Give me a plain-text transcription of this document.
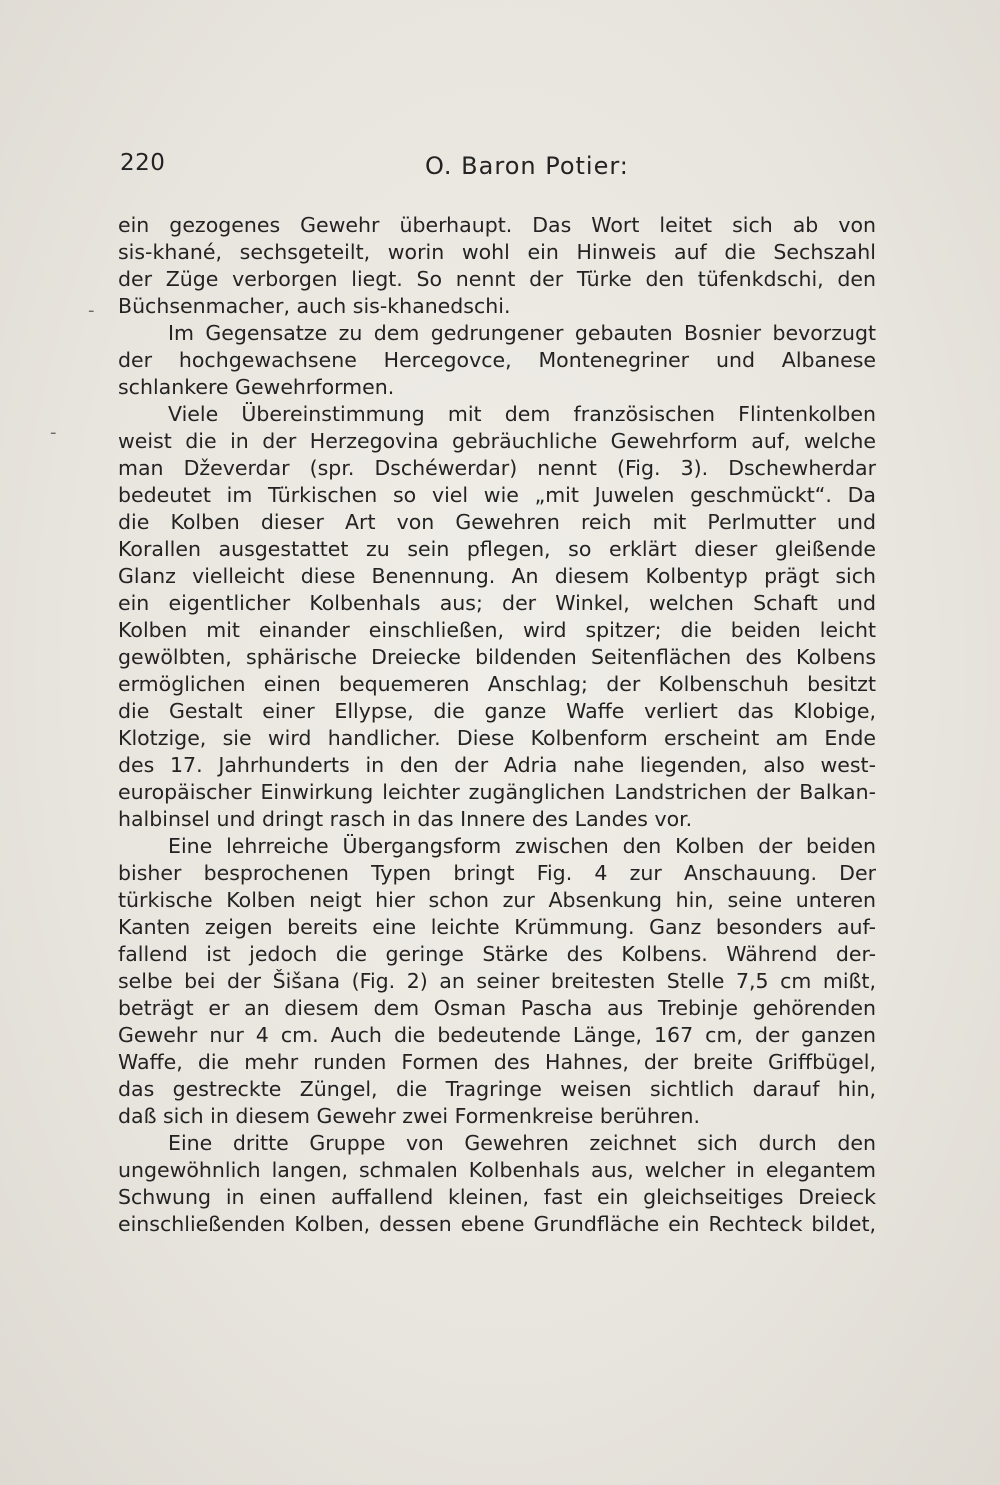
220	O. Baron Potier:
-
-
ein gezogenes Gewehr überhaupt. Das Wort leitet sich ab von
sis-khané, sechsgeteilt, worin wohl ein Hinweis auf die Sechszahl
der Züge verborgen liegt. So nennt der Türke den tüfenkdschi, den
Büchsenmacher, auch sis-khanedschi.
Im Gegensatze zu dem gedrungener gebauten Bosnier bevorzugt
der hochgewachsene Hercegovce, Montenegriner und Albanese
schlankere Gewehrformen.
Viele Übereinstimmung mit dem französischen Flintenkolben
weist die in der Herzegovina gebräuchliche Gewehrform auf, welche
man Dževerdar (spr. Dschéwerdar) nennt (Fig. 3). Dschewherdar
bedeutet im Türkischen so viel wie „mit Juwelen geschmückt“. Da
die Kolben dieser Art von Gewehren reich mit Perlmutter und
Korallen ausgestattet zu sein pflegen, so erklärt dieser gleißende
Glanz vielleicht diese Benennung. An diesem Kolbentyp prägt sich
ein eigentlicher Kolbenhals aus; der Winkel, welchen Schaft und
Kolben mit einander einschließen, wird spitzer; die beiden leicht
gewölbten, sphärische Dreiecke bildenden Seitenflächen des Kolbens
ermöglichen einen bequemeren Anschlag; der Kolbenschuh besitzt
die Gestalt einer Ellypse, die ganze Waffe verliert das Klobige,
Klotzige, sie wird handlicher. Diese Kolbenform erscheint am Ende
des 17. Jahrhunderts in den der Adria nahe liegenden, also west-
europäischer Einwirkung leichter zugänglichen Landstrichen der Balkan-
halbinsel und dringt rasch in das Innere des Landes vor.
Eine lehrreiche Übergangsform zwischen den Kolben der beiden
bisher besprochenen Typen bringt Fig. 4 zur Anschauung. Der
türkische Kolben neigt hier schon zur Absenkung hin, seine unteren
Kanten zeigen bereits eine leichte Krümmung. Ganz besonders auf-
fallend ist jedoch die geringe Stärke des Kolbens. Während der-
selbe bei der Šišana (Fig. 2) an seiner breitesten Stelle 7,5 cm mißt,
beträgt er an diesem dem Osman Pascha aus Trebinje gehörenden
Gewehr nur 4 cm. Auch die bedeutende Länge, 167 cm, der ganzen
Waffe, die mehr runden Formen des Hahnes, der breite Griffbügel,
das gestreckte Züngel, die Tragringe weisen sichtlich darauf hin,
daß sich in diesem Gewehr zwei Formenkreise berühren.
Eine dritte Gruppe von Gewehren zeichnet sich durch den
ungewöhnlich langen, schmalen Kolbenhals aus, welcher in elegantem
Schwung in einen auffallend kleinen, fast ein gleichseitiges Dreieck
einschließenden Kolben, dessen ebene Grundfläche ein Rechteck bildet,
